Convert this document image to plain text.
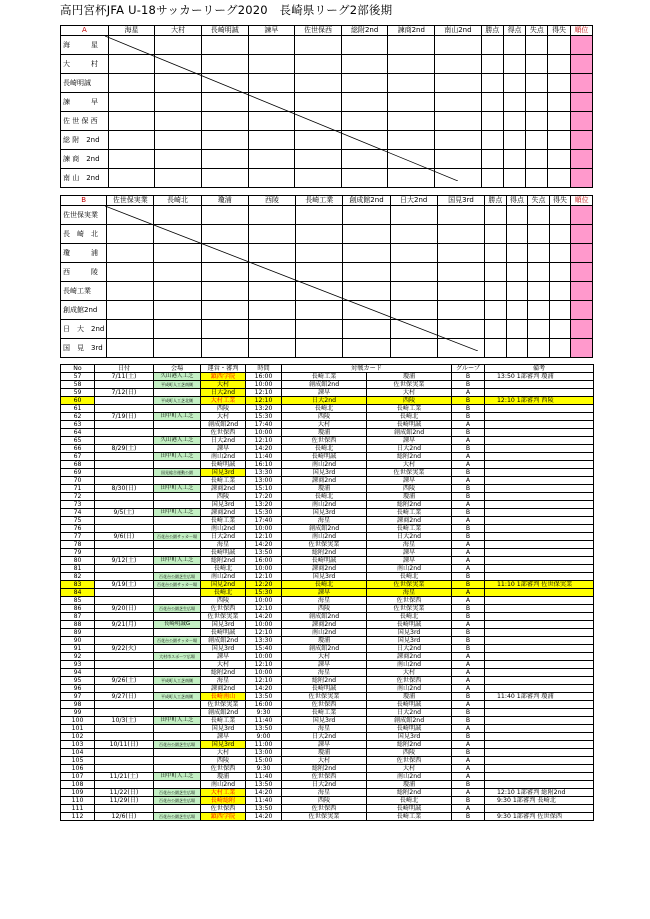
高円宮杯JFA U-18サッカーリーグ2020　長崎県リーグ2部後期
A	海星	大村	長崎明誠	諫早	佐世保西	総附2nd	諫商2nd	南山2nd	勝点	得点	失点	得失	順位
海　　　星													
大　　　村													
長崎明誠													
諫　　　早													
佐 世 保 西													
総 附　2nd													
諫 商　2nd													
南 山　2nd													
B	佐世保実業	長崎北	瓊浦	西陵	長崎工業	創成館2nd	日大2nd	国見3rd	勝点	得点	失点	得失	順位
佐世保実業													
長　崎　北													
瓊　　　浦													
西　　　陵													
長崎工業													
創成館2nd													
日　大　2nd													
国　見　3rd													
No	日付	会場	運営・審判	時間	対戦カード		グループ	備考
57	7/11(土)	久山港人工芝	鎮西学院	16:00	長崎工業	瓊浦	B	13:50 1部審判 瓊浦
58		平成町人工芝南側	大村	10:00	創成館2nd	佐世保実業	B	
59	7/12(日)		日大2nd	12:10	諫早	大村	A	
60		平成町人工芝北側	大村工業	12:10	日大2nd	西陵	B	12:10 1部審判 西陵
61			西陵	13:20	長崎北	長崎工業	B	
62	7/19(日)	田中町人工芝	大村	15:30	西陵	長崎北	B	
63			創成館2nd	17:40	大村	長崎明誠	A	
64			佐世保西	10:00	瓊浦	創成館2nd	B	
65		久山港人工芝	日大2nd	12:10	佐世保西	諫早	A	
66	8/29(土)		諫早	14:20	長崎北	日大2nd	B	
67		田中町人工芝	南山2nd	11:40	長崎明誠	総附2nd	A	
68			長崎明誠	16:10	南山2nd	大村	A	
69		国見総合運動公園	国見3rd	13:30	国見3rd	佐世保実業	B	
70			長崎工業	13:00	諫商2nd	諫早	A	
71	8/30(日)	田中町人工芝	諫商2nd	15:10	瓊浦	西陵	B	
72			西陵	17:20	長崎北	瓊浦	B	
73			国見3rd	13:20	南山2nd	総附2nd	A	
74	9/5(土)	田中町人工芝	諫商2nd	15:30	国見3rd	長崎工業	B	
75			長崎工業	17:40	海星	諫商2nd	A	
76			南山2nd	10:00	創成館2nd	長崎工業	B	
77	9/6(日)	百花台公園サッカー場	日大2nd	12:10	南山2nd	日大2nd	B	
78			海星	14:20	佐世保実業	海星	A	
79			長崎明誠	13:50	総附2nd	諫早	A	
80	9/12(土)	田中町人工芝	総附2nd	16:00	長崎明誠	諫早	A	
81			長崎北	10:00	諫商2nd	南山2nd	A	
82		百花台公園芝生広場	南山2nd	12:10	国見3rd	長崎北	B	
83	9/19(土)	百花台公園サッカー場	国見2nd	12:20	長崎北	佐世保実業	B	11:10 1部審判 佐世保実業
84			長崎北	15:30	諫早	海星	A	
85			西陵	10:00	海星	佐世保西	A	
86	9/20(日)	百花台公園芝生広場	佐世保西	12:10	西陵	佐世保実業	B	
87			佐世保実業	14:20	創成館2nd	長崎北	B	
88	9/21(月)	長崎明誠G	国見3rd	10:00	諫商2nd	長崎明誠	A	
89			長崎明誠	12:10	南山2nd	国見3rd	B	
90		百花台公園サッカー場	創成館2nd	13:30	瓊浦	国見3rd	B	
91	9/22(火)		国見3rd	15:40	創成館2nd	日大2nd	B	
92		大村市スポーツ広場	諫早	10:00	大村	諫商2nd	A	
93			大村	12:10	諫早	南山2nd	A	
94			総附2nd	10:00	海星	大村	A	
95	9/26(土)	平成町人工芝南側	海星	12:10	総附2nd	佐世保西	A	
96			諫商2nd	14:20	長崎明誠	南山2nd	A	
97	9/27(日)	平成町人工芝南側	長崎南山	13:50	佐世保実業	瓊浦	B	11:40 1部審判 瓊浦
98			佐世保実業	16:00	佐世保西	長崎明誠	A	
99			創成館2nd	9:30	長崎工業	日大2nd	B	
100	10/3(土)	田中町人工芝	長崎工業	11:40	国見3rd	創成館2nd	B	
101			国見3rd	13:50	海星	長崎明誠	A	
102			諫早	9:00	日大2nd	国見3rd	B	
103	10/11(日)	百花台公園芝生広場	国見3rd	11:00	諫早	総附2nd	A	
104			大村	13:00	瓊浦	西陵	B	
105			西陵	15:00	大村	佐世保西	A	
106			佐世保西	9:30	総附2nd	大村	A	
107	11/21(土)	田中町人工芝	瓊浦	11:40	佐世保西	南山2nd	A	
108			南山2nd	13:50	日大2nd	瓊浦	B	
109	11/22(日)	百花台公園芝生広場	大村工業	14:20	海星	総附2nd	A	12:10 1部審判 総附2nd
110	11/29(日)	百花台公園芝生広場	長崎総附	11:40	西陵	長崎北	B	9:30 1部審判 長崎北
111			佐世保西	13:50	佐世保西	長崎明誠	A	
112	12/6(日)	百花台公園芝生広場	鎮西学院	14:20	佐世保実業	長崎工業	B	9:30 1部審判 佐世保西
